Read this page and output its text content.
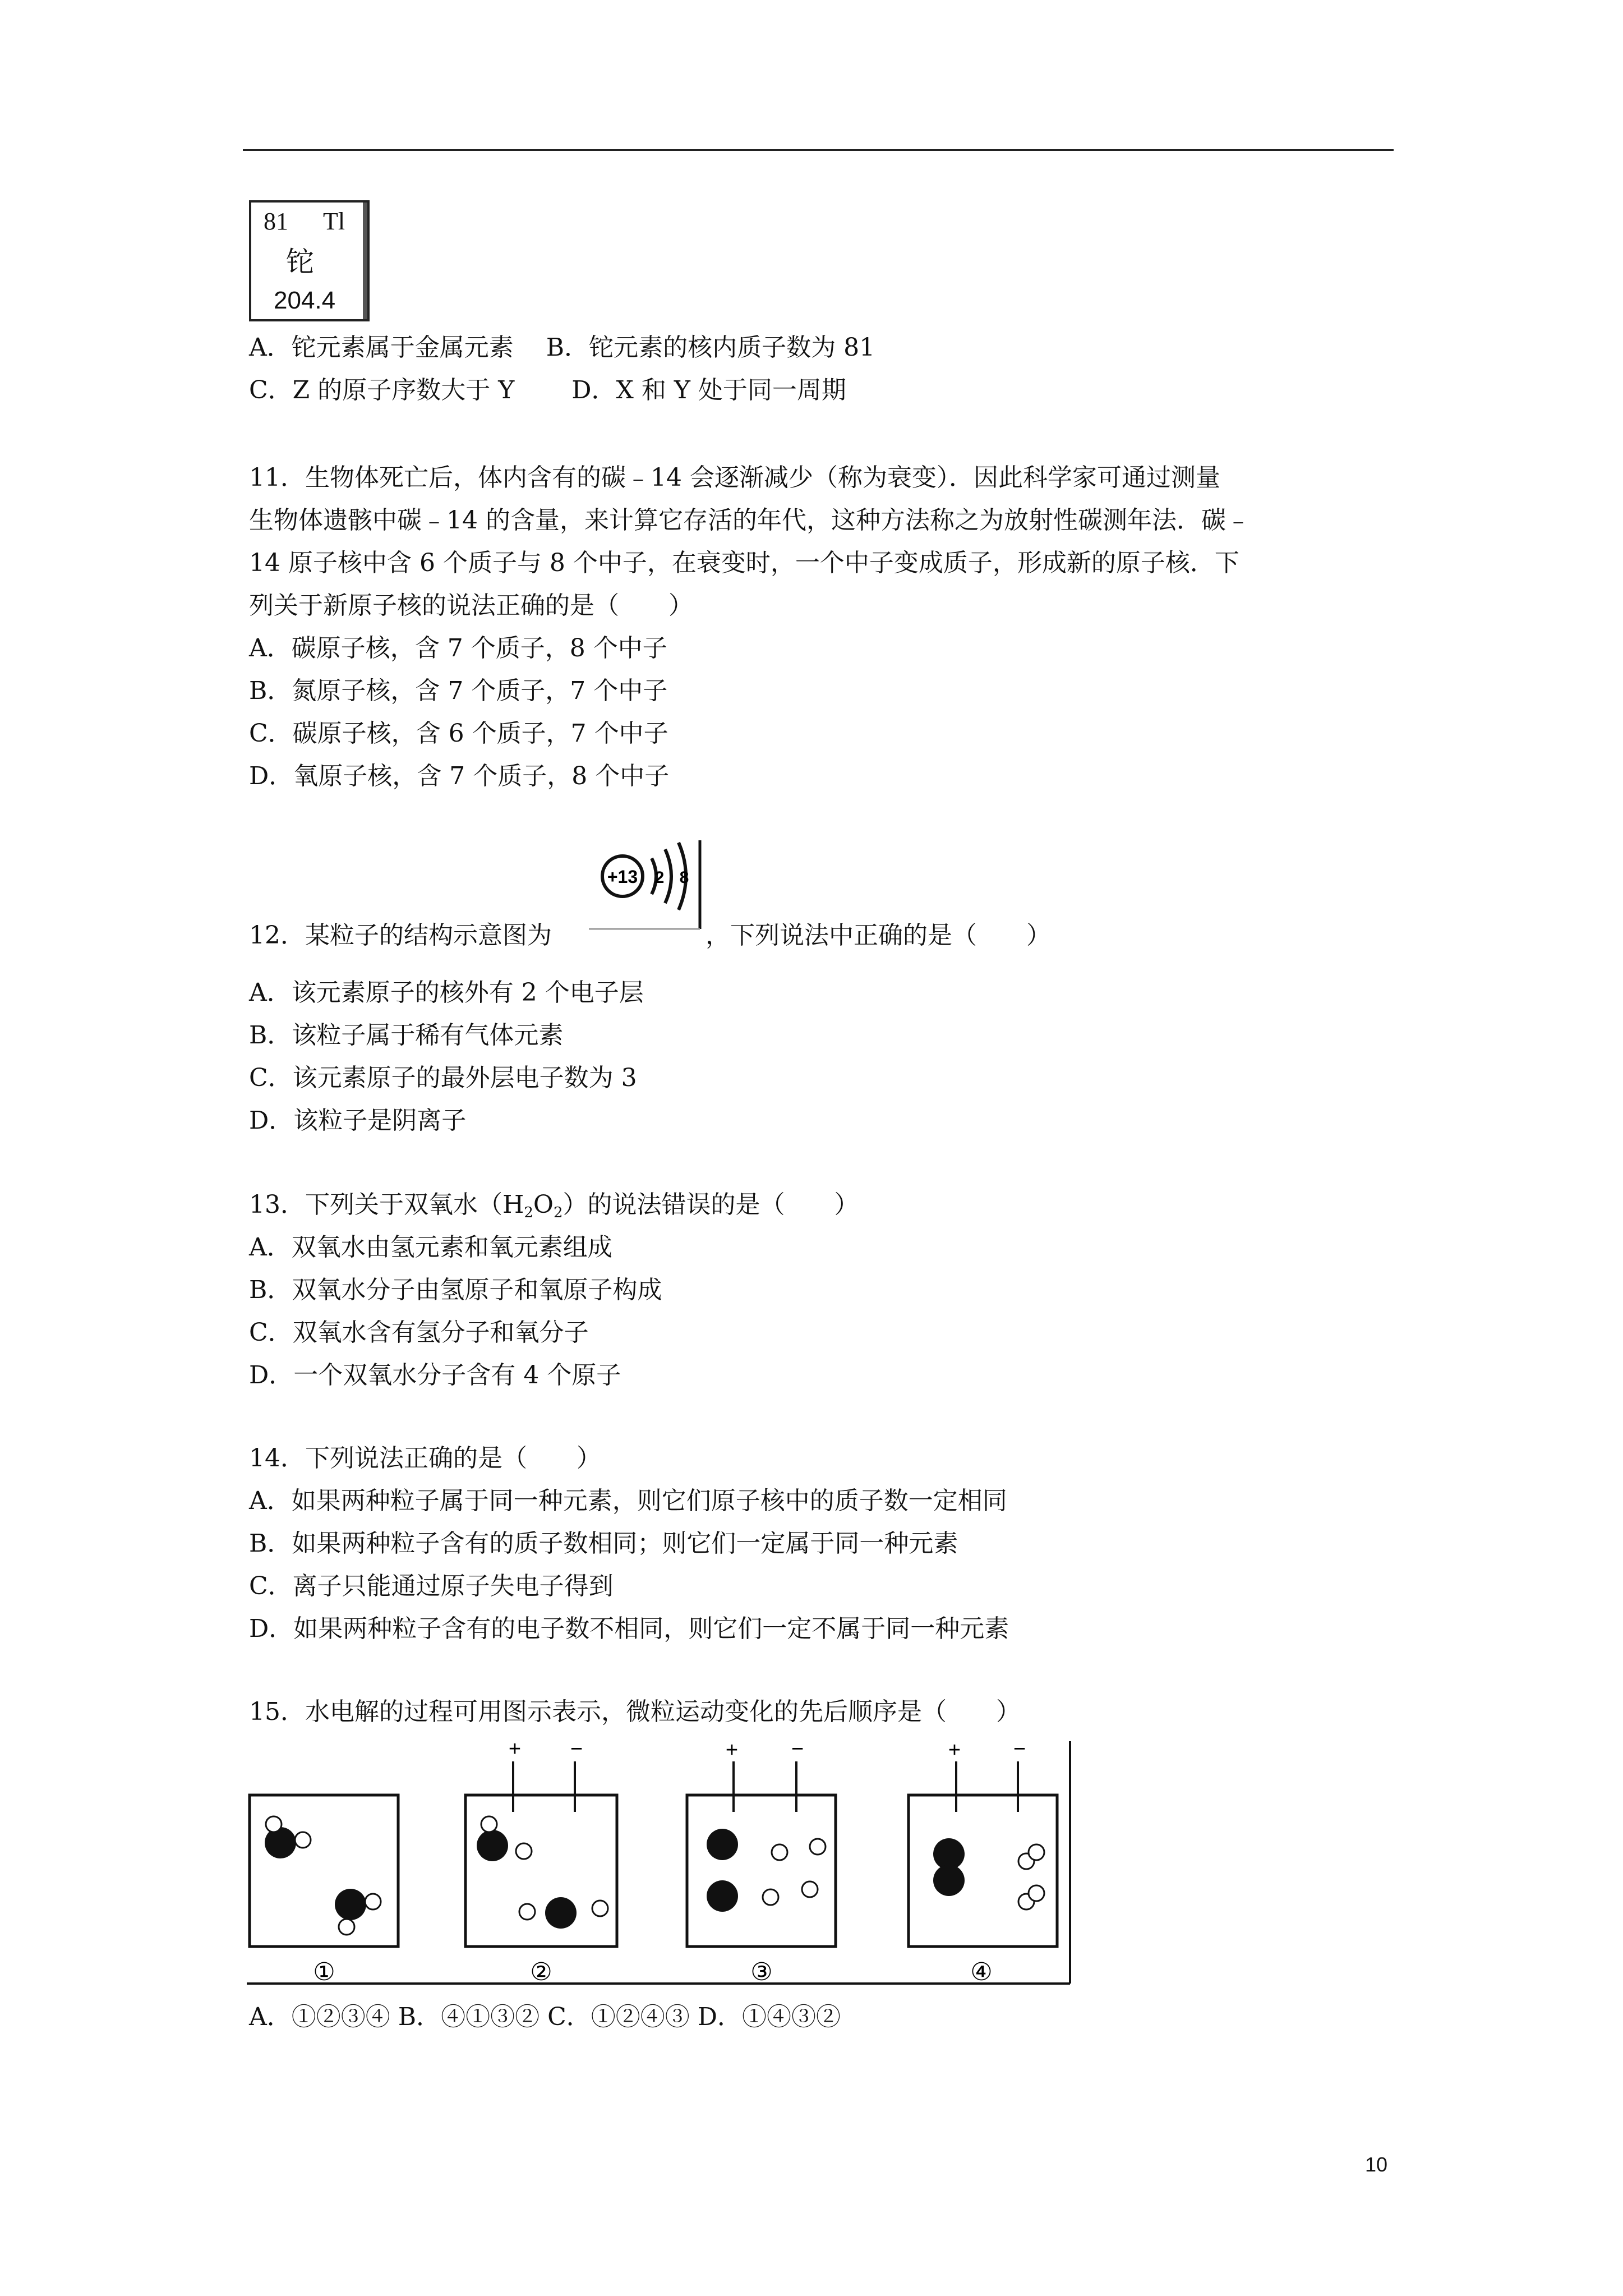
81 Tl
铊
204.4
A．铊元素属于金属元素　 B．铊元素的核内质子数为 81
C．Z 的原子序数大于 Y　　 D．X 和 Y 处于同一周期
11．生物体死亡后，体内含有的碳﹣14 会逐渐减少（称为衰变）．因此科学家可通过测量
生物体遗骸中碳﹣14 的含量，来计算它存活的年代，这种方法称之为放射性碳测年法．碳﹣
14 原子核中含 6 个质子与 8 个中子，在衰变时，一个中子变成质子，形成新的原子核．下
列关于新原子核的说法正确的是（　　）
A．碳原子核，含 7 个质子，8 个中子
B．氮原子核，含 7 个质子，7 个中子
C．碳原子核，含 6 个质子，7 个中子
D．氧原子核，含 7 个质子，8 个中子
12．某粒子的结构示意图为
+13 2 8
，下列说法中正确的是（　　）
A．该元素原子的核外有 2 个电子层
B．该粒子属于稀有气体元素
C．该元素原子的最外层电子数为 3
D．该粒子是阴离子
13．下列关于双氧水$(H_2O_2)$的说法错误的是（　　）
A．双氧水由氢元素和氧元素组成
B．双氧水分子由氢原子和氧原子构成
C．双氧水含有氢分子和氧分子
D．一个双氧水分子含有 4 个原子
14．下列说法正确的是（　　）
A．如果两种粒子属于同一种元素，则它们原子核中的质子数一定相同
B．如果两种粒子含有的质子数相同；则它们一定属于同一种元素
C．离子只能通过原子失电子得到
D．如果两种粒子含有的电子数不相同，则它们一定不属于同一种元素
15．水电解的过程可用图示表示，微粒运动变化的先后顺序是（　　）
①
+ −
②
+ −
③
+ −
④
A．①②③④ B．④①③② C．①②④③ D．①④③②
10
